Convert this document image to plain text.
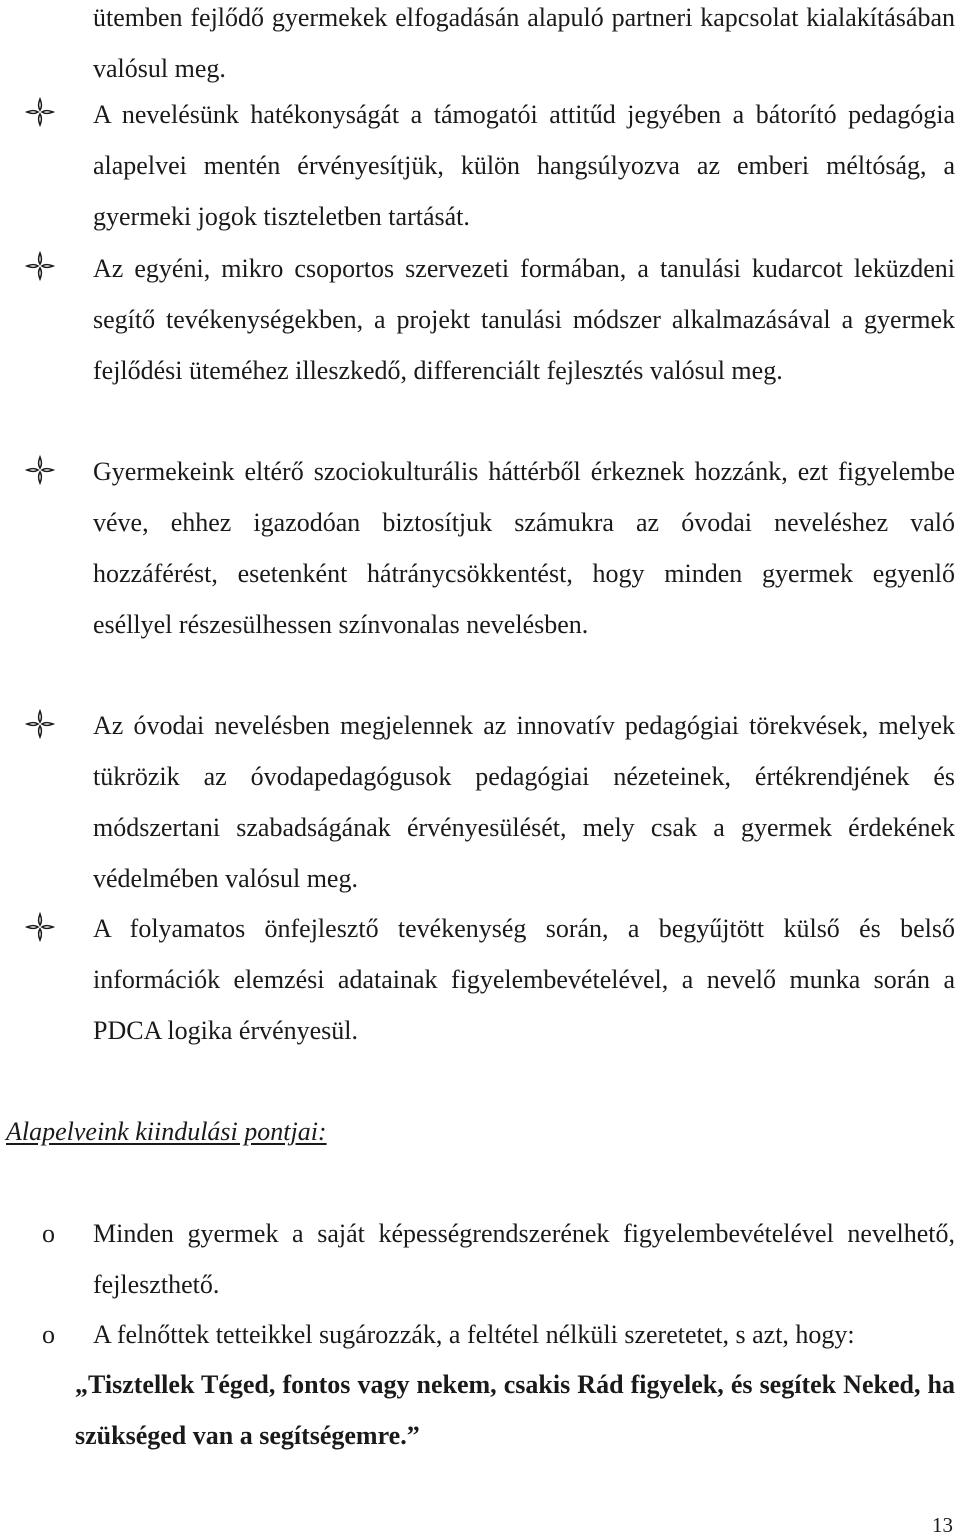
ütemben fejlődő gyermekek elfogadásán alapuló partneri kapcsolat kialakításában valósul meg.

A nevelésünk hatékonyságát a támogatói attitűd jegyében a bátorító pedagógia alapelvei mentén érvényesítjük, külön hangsúlyozva az emberi méltóság, a gyermeki jogok tiszteletben tartását.

Az egyéni, mikro csoportos szervezeti formában, a tanulási kudarcot leküzdeni segítő tevékenységekben, a projekt tanulási módszer alkalmazásával a gyermek fejlődési üteméhez illeszkedő, differenciált fejlesztés valósul meg.

Gyermekeink eltérő szociokulturális háttérből érkeznek hozzánk, ezt figyelembe véve, ehhez igazodóan biztosítjuk számukra az óvodai neveléshez való hozzáférést, esetenként hátránycsökkentést, hogy minden gyermek egyenlő eséllyel részesülhessen színvonalas nevelésben.

Az óvodai nevelésben megjelennek az innovatív pedagógiai törekvések, melyek tükrözik az óvodapedagógusok pedagógiai nézeteinek, értékrendjének és módszertani szabadságának érvényesülését, mely csak a gyermek érdekének védelmében valósul meg.

A folyamatos önfejlesztő tevékenység során, a begyűjtött külső és belső információk elemzési adatainak figyelembevételével, a nevelő munka során a PDCA logika érvényesül.

Alapelveink kiindulási pontjai:
o Minden gyermek a saját képességrendszerének figyelembevételével nevelhető, fejleszthető.

o A felnőttek tetteikkel sugározzák, a feltétel nélküli szeretetet, s azt, hogy:

„Tisztellek Téged, fontos vagy nekem, csakis Rád figyelek, és segítek Neked, ha szükséged van a segítségemre.”

13
